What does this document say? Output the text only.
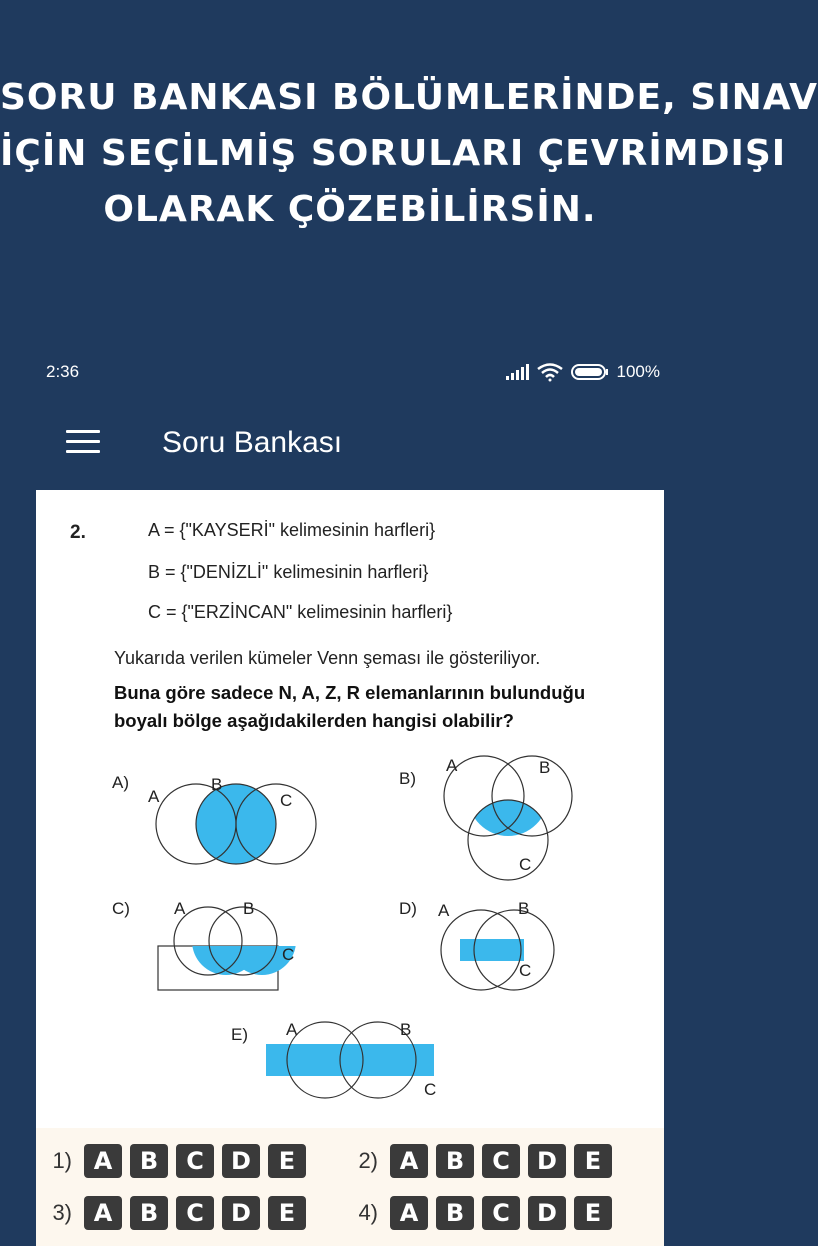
SORU BANKASI BÖLÜMLERİNDE, SINAV
İÇİN SEÇİLMİŞ SORULARI ÇEVRİMDIŞI
OLARAK ÇÖZEBİLİRSİN.
2:36	100%
Soru Bankası
2.	A = {"KAYSERİ" kelimesinin harfleri}
B = {"DENİZLİ" kelimesinin harfleri}
C = {"ERZİNCAN" kelimesinin harfleri}
Yukarıda verilen kümeler Venn şeması ile gösteriliyor.
Buna göre sadece N, A, Z, R elemanlarının bulunduğu
boyalı bölge aşağıdakilerden hangisi olabilir?
A)
A
B
C
B)
A	B
C
C)	A	B
C
D) A	B
C
E) A	B
C
1) A	B	C	D	E	2) A	B	C	D	E
3) A	B	C	D	E	4) A	B	C	D	E
